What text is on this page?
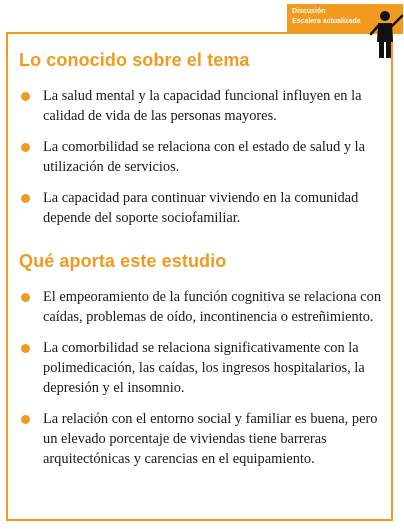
Discusión
Escalera actualizada
Lo conocido sobre el tema
La salud mental y la capacidad funcional influyen en la calidad de vida de las personas mayores.
La comorbilidad se relaciona con el estado de salud y la utilización de servicios.
La capacidad para continuar viviendo en la comunidad depende del soporte sociofamiliar.
Qué aporta este estudio
El empeoramiento de la función cognitiva se relaciona con caídas, problemas de oído, incontinencia o estreñimiento.
La comorbilidad se relaciona significativamente con la polimedicación, las caídas, los ingresos hospitalarios, la depresión y el insomnio.
La relación con el entorno social y familiar es buena, pero un elevado porcentaje de viviendas tiene barreras arquitectónicas y carencias en el equipamiento.
